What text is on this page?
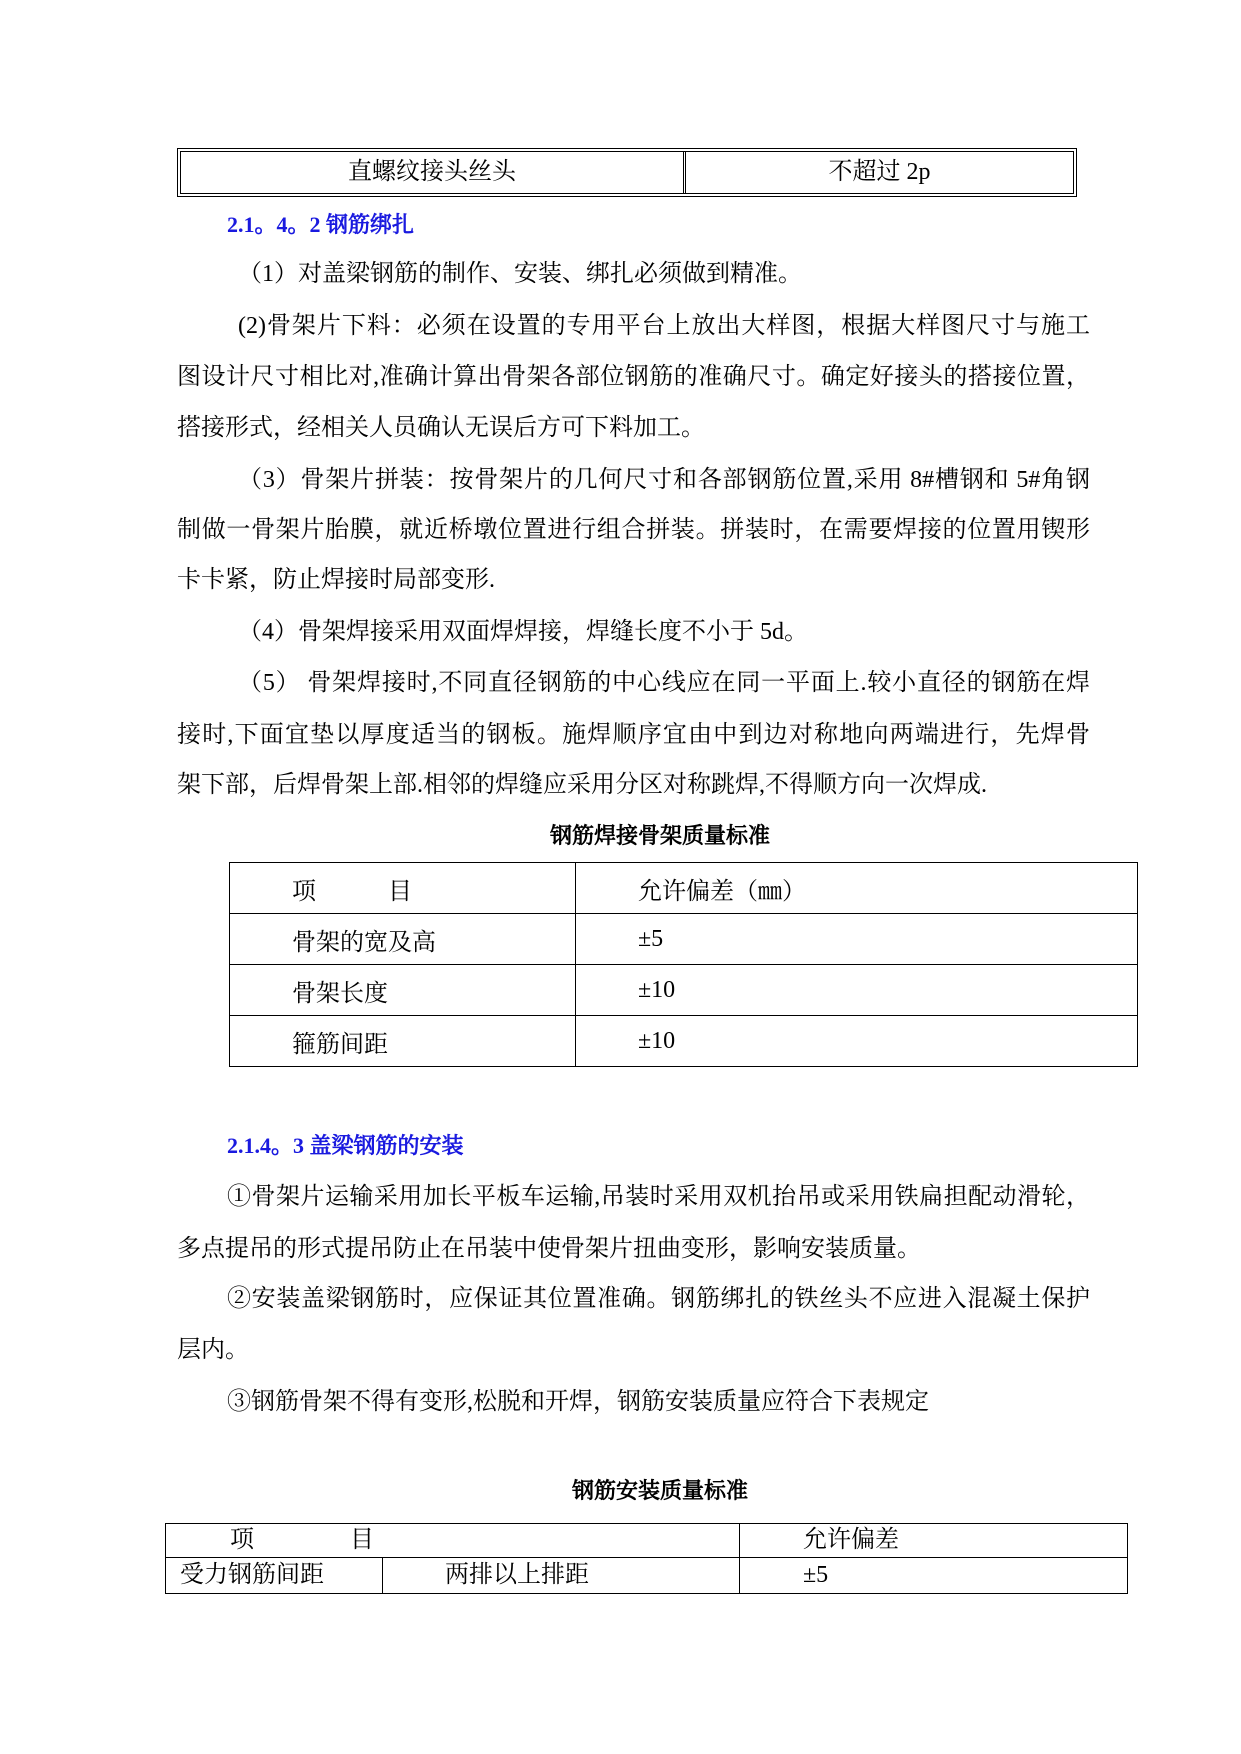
直螺纹接头丝头	不超过 2p
2.1。4。2 钢筋绑扎
（1）对盖梁钢筋的制作、安装、绑扎必须做到精准。
(2)骨架片下料：必须在设置的专用平台上放出大样图，根据大样图尺寸与施工
图设计尺寸相比对,准确计算出骨架各部位钢筋的准确尺寸。确定好接头的搭接位置，
搭接形式，经相关人员确认无误后方可下料加工。
（3）骨架片拼装：按骨架片的几何尺寸和各部钢筋位置,采用 8#槽钢和 5#角钢
制做一骨架片胎膜，就近桥墩位置进行组合拼装。拼装时，在需要焊接的位置用锲形
卡卡紧，防止焊接时局部变形.
（4）骨架焊接采用双面焊焊接，焊缝长度不小于 5d。
（5） 骨架焊接时,不同直径钢筋的中心线应在同一平面上.较小直径的钢筋在焊
接时,下面宜垫以厚度适当的钢板。施焊顺序宜由中到边对称地向两端进行，先焊骨
架下部，后焊骨架上部.相邻的焊缝应采用分区对称跳焊,不得顺方向一次焊成.
钢筋焊接骨架质量标准
项　　　目	允许偏差（㎜）
骨架的宽及高	±5
骨架长度	±10
箍筋间距	±10
2.1.4。3 盖梁钢筋的安装
①骨架片运输采用加长平板车运输,吊装时采用双机抬吊或采用铁扁担配动滑轮，
多点提吊的形式提吊防止在吊装中使骨架片扭曲变形，影响安装质量。
②安装盖梁钢筋时，应保证其位置准确。钢筋绑扎的铁丝头不应进入混凝土保护
层内。
③钢筋骨架不得有变形,松脱和开焊，钢筋安装质量应符合下表规定
钢筋安装质量标准
项　　　　目		允许偏差
受力钢筋间距	两排以上排距	±5
